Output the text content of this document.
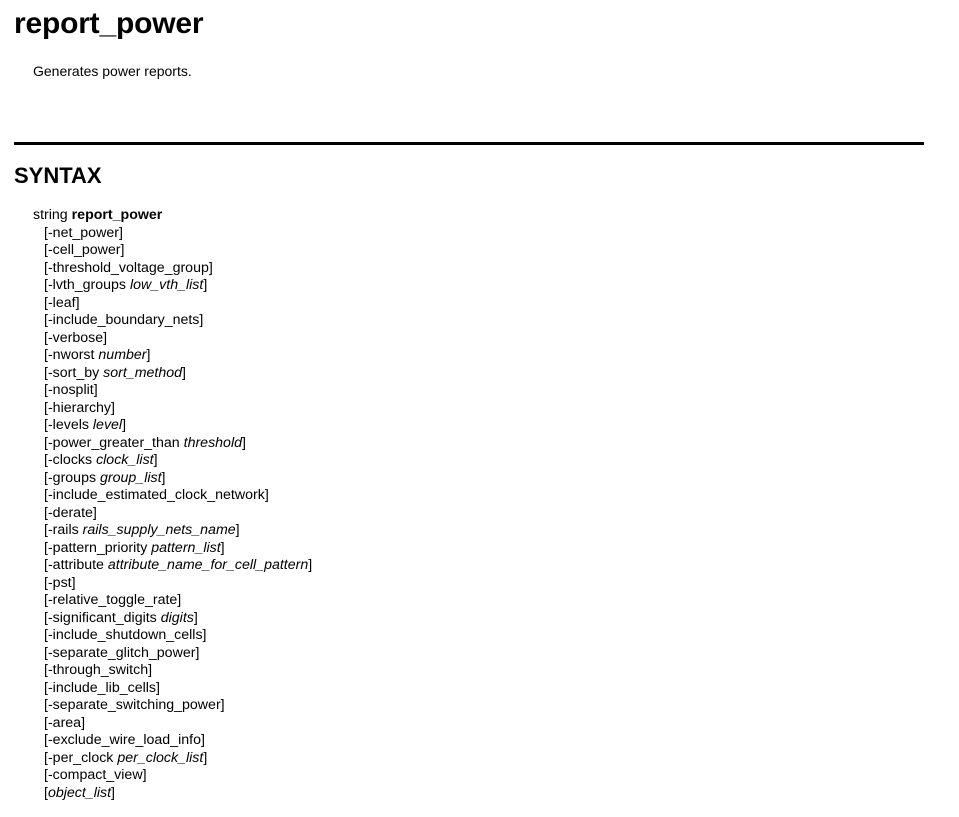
report_power

Generates power reports.

SYNTAX
string report_power
[-net_power]
[-cell_power]
[-threshold_voltage_group]
[-lvth_groups low_vth_list]
[-leaf]
[-include_boundary_nets]
[-verbose]
[-nworst number]
[-sort_by sort_method]
[-nosplit]
[-hierarchy]
[-levels level]
[-power_greater_than threshold]
[-clocks clock_list]
[-groups group_list]
[-include_estimated_clock_network]
[-derate]
[-rails rails_supply_nets_name]
[-pattern_priority pattern_list]
[-attribute attribute_name_for_cell_pattern]
[-pst]
[-relative_toggle_rate]
[-significant_digits digits]
[-include_shutdown_cells]
[-separate_glitch_power]
[-through_switch]
[-include_lib_cells]
[-separate_switching_power]
[-area]
[-exclude_wire_load_info]
[-per_clock per_clock_list]
[-compact_view]
[object_list]
